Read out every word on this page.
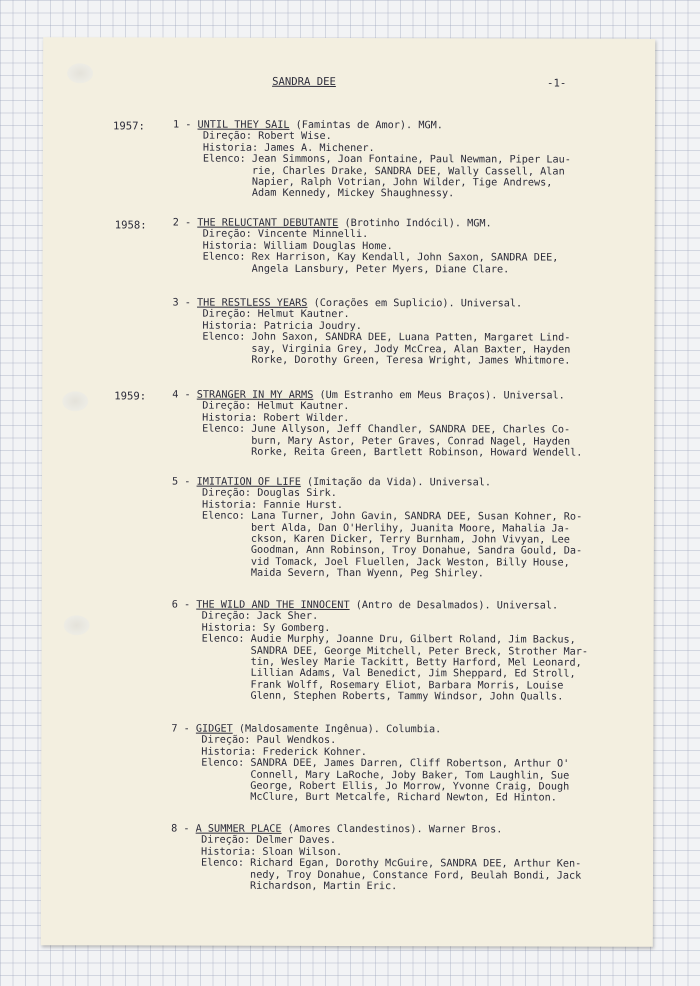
SANDRA DEE	-1-

1957:

1958:

1959:

1 - UNTIL THEY SAIL (Famintas de Amor). MGM.

Direção: Robert Wise.
Historia: James A. Michener.
Elenco: Jean Simmons, Joan Fontaine, Paul Newman, Piper Lau-
rie, Charles Drake, SANDRA DEE, Wally Cassell, Alan
Napier, Ralph Votrian, John Wilder, Tige Andrews,
Adam Kennedy, Mickey Shaughnessy.

2 - THE RELUCTANT DEBUTANTE (Brotinho Indócil). MGM.

Direção: Vincente Minnelli.
Historia: William Douglas Home.
Elenco: Rex Harrison, Kay Kendall, John Saxon, SANDRA DEE,
Angela Lansbury, Peter Myers, Diane Clare.

3 - THE RESTLESS YEARS (Corações em Suplicio). Universal.

Direção: Helmut Kautner.
Historia: Patricia Joudry.
Elenco: John Saxon, SANDRA DEE, Luana Patten, Margaret Lind-
say, Virginia Grey, Jody McCrea, Alan Baxter, Hayden
Rorke, Dorothy Green, Teresa Wright, James Whitmore.

4 - STRANGER IN MY ARMS (Um Estranho em Meus Braços). Universal.

Direção: Helmut Kautner.
Historia: Robert Wilder.
Elenco: June Allyson, Jeff Chandler, SANDRA DEE, Charles Co-
burn, Mary Astor, Peter Graves, Conrad Nagel, Hayden
Rorke, Reita Green, Bartlett Robinson, Howard Wendell.

5 - IMITATION OF LIFE (Imitação da Vida). Universal.

Direção: Douglas Sirk.
Historia: Fannie Hurst.
Elenco: Lana Turner, John Gavin, SANDRA DEE, Susan Kohner, Ro-
bert Alda, Dan O'Herlihy, Juanita Moore, Mahalia Ja-
ckson, Karen Dicker, Terry Burnham, John Vivyan, Lee
Goodman, Ann Robinson, Troy Donahue, Sandra Gould, Da-
vid Tomack, Joel Fluellen, Jack Weston, Billy House,
Maida Severn, Than Wyenn, Peg Shirley.

6 - THE WILD AND THE INNOCENT (Antro de Desalmados). Universal.

Direção: Jack Sher.
Historia: Sy Gomberg.
Elenco: Audie Murphy, Joanne Dru, Gilbert Roland, Jim Backus,
SANDRA DEE, George Mitchell, Peter Breck, Strother Mar-
tin, Wesley Marie Tackitt, Betty Harford, Mel Leonard,
Lillian Adams, Val Benedict, Jim Sheppard, Ed Stroll,
Frank Wolff, Rosemary Eliot, Barbara Morris, Louise
Glenn, Stephen Roberts, Tammy Windsor, John Qualls.

7 - GIDGET (Maldosamente Ingênua). Columbia.

Direção: Paul Wendkos.
Historia: Frederick Kohner.
Elenco: SANDRA DEE, James Darren, Cliff Robertson, Arthur O'
Connell, Mary LaRoche, Joby Baker, Tom Laughlin, Sue
George, Robert Ellis, Jo Morrow, Yvonne Craig, Dough
McClure, Burt Metcalfe, Richard Newton, Ed Hinton.

8 - A SUMMER PLACE (Amores Clandestinos). Warner Bros.

Direção: Delmer Daves.
Historia: Sloan Wilson.
Elenco: Richard Egan, Dorothy McGuire, SANDRA DEE, Arthur Ken-
nedy, Troy Donahue, Constance Ford, Beulah Bondi, Jack
Richardson, Martin Eric.
